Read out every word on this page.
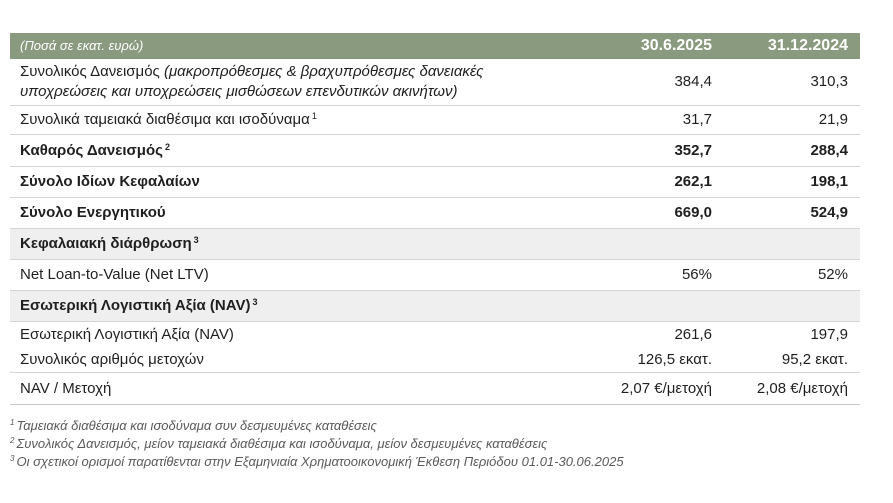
(Ποσά σε εκατ. ευρώ)	30.6.2025	31.12.2024
Συνολικός Δανεισμός (μακροπρόθεσμες & βραχυπρόθεσμες δανειακές υποχρεώσεις και υποχρεώσεις μισθώσεων επενδυτικών ακινήτων)	384,4	310,3
Συνολικά ταμειακά διαθέσιμα και ισοδύναμα $^1$	31,7	21,9
Καθαρός Δανεισμός $^2$	352,7	288,4
Σύνολο Ιδίων Κεφαλαίων	262,1	198,1
Σύνολο Ενεργητικού	669,0	524,9
Κεφαλαιακή διάρθρωση $^3$		
Net Loan-to-Value (Net LTV)	56%	52%
Εσωτερική Λογιστική Αξία (NAV) $^3$		
Εσωτερική Λογιστική Αξία (NAV)	261,6	197,9
Συνολικός αριθμός μετοχών	126,5 εκατ.	95,2 εκατ.
NAV / Μετοχή	2,07 €/μετοχή	2,08 €/μετοχή
$^1$ Ταμειακά διαθέσιμα και ισοδύναμα συν δεσμευμένες καταθέσεις
$^2$ Συνολικός Δανεισμός, μείον ταμειακά διαθέσιμα και ισοδύναμα, μείον δεσμευμένες καταθέσεις
$^3$ Οι σχετικοί ορισμοί παρατίθενται στην Εξαμηνιαία Χρηματοοικονομική Έκθεση Περιόδου 01.01-30.06.2025
